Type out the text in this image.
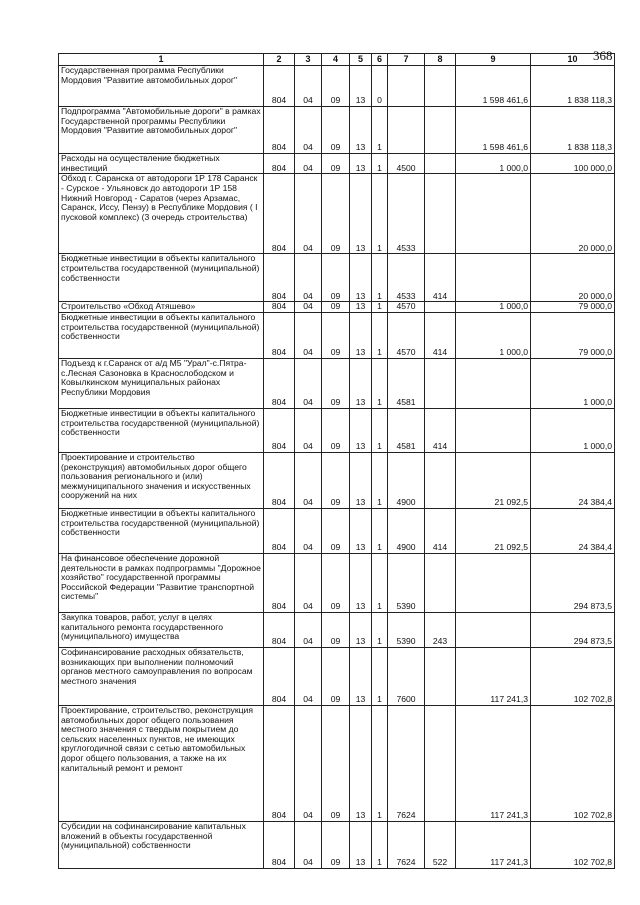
368
1	2	3	4	5	6	7	8	9	10
Государственная программа Республики Мордовия "Развитие автомобильных дорог"	804	04	09	13	0			1 598 461,6	1 838 118,3
Подпрограмма "Автомобильные дороги" в рамках Государственной программы Республики Мордовия "Развитие автомобильных дорог"	804	04	09	13	1			1 598 461,6	1 838 118,3
Расходы на осуществление бюджетных инвестиций	804	04	09	13	1	4500		1 000,0	100 000,0
Обход г. Саранска от автодороги 1Р 178 Саранск - Сурское - Ульяновск до автодороги 1Р 158 Нижний Новгород - Саратов (через Арзамас, Саранск, Иссу, Пензу) в Республике Мордовия ( I пусковой комплекс) (3 очередь строительства)	804	04	09	13	1	4533			20 000,0
Бюджетные инвестиции в объекты капитального строительства государственной (муниципальной) собственности	804	04	09	13	1	4533	414		20 000,0
Строительство «Обход Атяшево»	804	04	09	13	1	4570		1 000,0	79 000,0
Бюджетные инвестиции в объекты капитального строительства государственной (муниципальной) собственности	804	04	09	13	1	4570	414	1 000,0	79 000,0
Подъезд к г.Саранск от а/д М5 "Урал"-с.Пятра-с.Лесная Сазоновка в Краснослободском и Ковылкинском муниципальных районах Республики Мордовия	804	04	09	13	1	4581			1 000,0
Бюджетные инвестиции в объекты капитального строительства государственной (муниципальной) собственности	804	04	09	13	1	4581	414		1 000,0
Проектирование и строительство (реконструкция) автомобильных дорог общего пользования регионального и (или) межмуниципального значения и искусственных сооружений на них	804	04	09	13	1	4900		21 092,5	24 384,4
Бюджетные инвестиции в объекты капитального строительства государственной (муниципальной) собственности	804	04	09	13	1	4900	414	21 092,5	24 384,4
На финансовое обеспечение дорожной деятельности в рамках подпрограммы "Дорожное хозяйство" государственной программы Российской Федерации "Развитие транспортной системы"	804	04	09	13	1	5390			294 873,5
Закупка товаров, работ, услуг в целях капитального ремонта государственного (муниципального) имущества	804	04	09	13	1	5390	243		294 873,5
Софинансирование расходных обязательств, возникающих при выполнении полномочий органов местного самоуправления по вопросам местного значения	804	04	09	13	1	7600		117 241,3	102 702,8
Проектирование, строительство, реконструкция автомобильных дорог общего пользования местного значения с твердым покрытием до сельских населенных пунктов, не имеющих круглогодичной связи с сетью автомобильных дорог общего пользования, а также на их капитальный ремонт и ремонт	804	04	09	13	1	7624		117 241,3	102 702,8
Субсидии на софинансирование капитальных вложений в объекты государственной (муниципальной) собственности	804	04	09	13	1	7624	522	117 241,3	102 702,8
